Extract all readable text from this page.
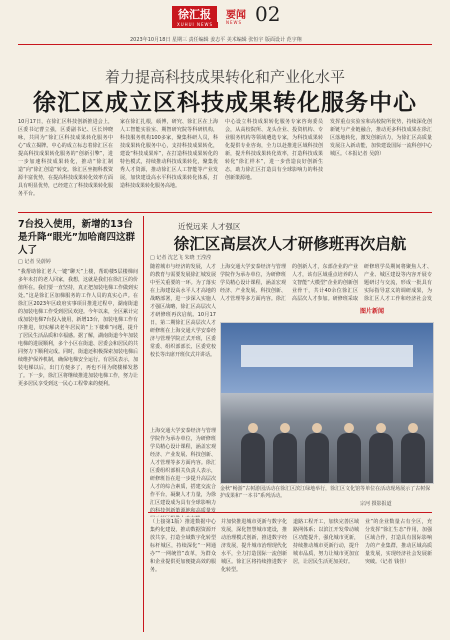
徐汇报
XUHUI NEWS
要闻
NEWS 02
2023年10月18日 星期三 责任编辑 姜志平 美术编辑 张恒宇 版面设计 范宇翔
着力提高科技成果转化和产业化水平
徐汇区成立区科技成果转化服务中心
10月17日，在徐汇区科技创新推进会上，区委书记曹立强，区委副书记、区长钟晓咏，共同为“徐汇区科技成果转化服务中心”成立揭牌。中心的成立标志着徐汇区在提高科技成果转化服务的“创新引擎”，进一步加速科技成果转化，推动“徐汇制造”向“徐汇创造”转变。徐汇区坐拥科教资源丰富优势，在提高科技成果转化效率方面具有明显优势，已经建立了科技成果转化服务平台。
家在徐汇扎根，硕博，研究、徐汇区在上海人工智能实验室、期智研究院等科研机构，科技服务机构100多家，聚集科研人员，科技成果转化服务中心，支持科技成果转化，建设“科技成果库”，在打造科技成果转化的特色模式，持续推动科技成果转化，聚集优秀人才资源，推动徐汇区人工智能等产业发展，加快建设高水平科技成果转化体系，打造科技成果转化服务高地。
中心设立科技成果转化服务专家咨询委员会，从高校院所、龙头企业、投资机构、专业服务机构等领域遴选专家，为科技成果转化提供专业咨询，全力以赴推进区域科技创新，提升科技成果转化效率，打造科技成果转化“徐汇样本”，进一步营造良好创新生态，助力徐汇区打造具有全球影响力的科技创新策源地。
发挥重点实验室和高校院所优势，持续深化创新链与产业链融合，推动更多科技成果在徐汇区落地转化，激发创新活力，为徐汇区高质量发展注入新动能，加快建设国际一流科创中心城区。（本报记者 吴蔚）
7台投入使用，新增的13台是升降“眼光”加哈商四这群人了
□ 记者 吴蔚婷
“我帮助徐汇老人一键“聊天”上楼，帮助楼5层楼梯间多年未打的老人回家，我想，这就是我们在徐汇区的价值所在。我们要一直坚持，真正把加装电梯工作做到实处。”这是徐汇区加梯服务的工作人员的真实心声。在徐汇区2023年区政府实事项目推进过程中，湖南街道的加装电梯工作受到居民欢迎。今年以来，全区累计完成加装电梯7台投入使用，新增13台，加装电梯工作有序推进，切实解决老年居民的“上下楼难”问题，提升了居民生活品质和幸福感。据了解，湖南街道今年加装电梯的进展顺利，多个小区在街道、居委会和居民的共同努力下顺利完成。同时，街道还积极探索加装电梯后续维护保养机制，确保电梯安全运行。有居民表示，加装电梯以后，出门方便多了，再也不用为爬楼梯发愁了。下一步，徐汇区将继续推进加装电梯工作，努力让更多居民享受到这一民心工程带来的便利。
近悦远来 人才强区
徐汇区高层次人才研修班再次启航
□ 记者 沈艺飞 朱晓 王滢滢
随着城市与经济的发展，人才的教育与需要发展徐汇城发展中至关重要的一环。为了落实在上海建设高水平人才高地的战略部署，进一步深入实施人才强区战略，徐汇区高层次人才研修班再次启航。10月17日，第二期徐汇区高层次人才研修班在上海交通大学安泰经济与管理学院正式开班，区委常委、组织部部长、区委党校校长等出席开班仪式并讲话。
上海交通大学安泰经济与管理学院作为承办单位，为研修班学员精心设计课程，涵盖宏观经济、产业发展、科技创新、人才管理等多方面内容。徐汇
的创新人才，东部企业的产业人才，该有区域重点培养的人文智能“大模型”企业的创新创业骨干，共计40余位徐汇区高层次人才参加。研修班采取
研修班学员期间将聚焦人才、产业、城区建设等内容开展专题研讨与交流，形成一批具有实际指导意义的调研成果，为徐汇区人才工作和经济社会发
上海交通大学安泰经济与管理学院作为承办单位，为研修班学员精心设计课程，涵盖宏观经济、产业发展、科技创新、人才管理等多方面内容。徐汇区委组织部相关负责人表示，研修班旨在进一步提升高层次人才的综合素质，搭建交流合作平台，凝聚人才力量，为徐汇区建设成为具有全球影响力的科技创新策源地和高质量发
图片新闻
金秋“畅游”古树游园活动在徐汇区滨江绿地举行，徐汇区文化馆等单位在活动现场展示了古树保护成果和“一本书”系列活动。
宗河 摄影报道
（上接第1版）推进数据中心集约化建设，推动数据资源开放共享，打造全域数字化转型标杆城区，持续深化“一网通办”“一网统管”改革，为群众和企业提供更加便捷高效的服务。
并加快推进城市更新与数字化发展，深化智慧城市建设，推动治理模式创新，推进数字经济发展，提升城市治理现代化水平，全力打造国际一流创新城区。徐汇区将持续推进数字化转型。
道路工程开工，加快完善区域路网体系；以滨江开发带动城区功能提升，强化城市更新，持续推动城市更新行动，提升城市品质，努力让城市更加宜居，让居民生活更加美好。
业”的企业数量占有全区，充分发挥“徐汇生态”作用，加强区域合作，打造具有国际影响力的产业集群，推动区域高质量发展，实现经济社会发展新突破。（记者 钱佳）
